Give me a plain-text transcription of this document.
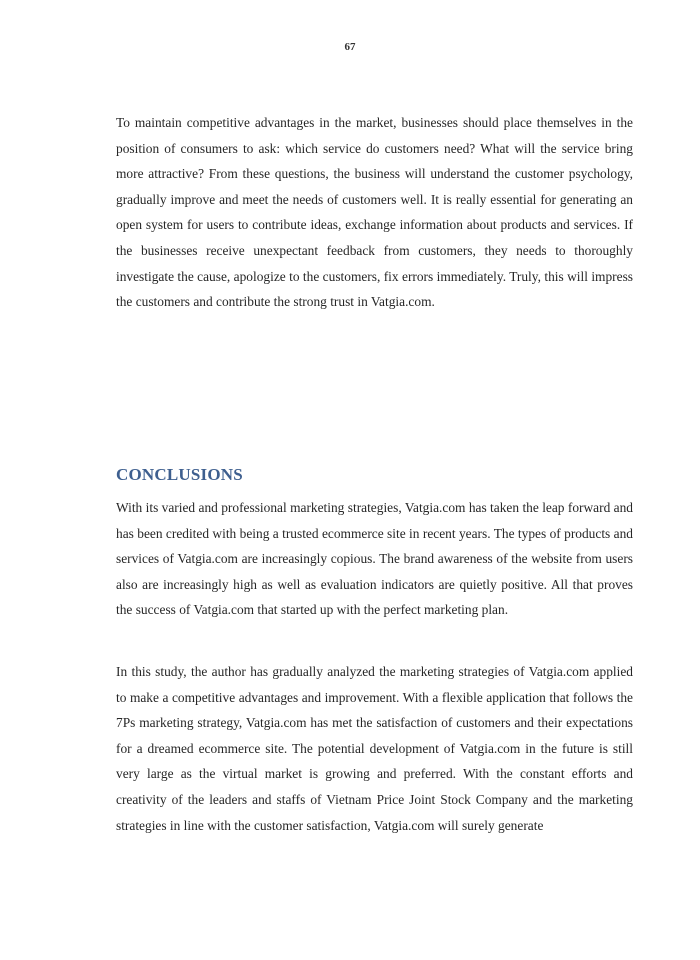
67

To maintain competitive advantages in the market, businesses should place themselves in the position of consumers to ask: which service do customers need? What will the service bring more attractive? From these questions, the business will understand the customer psychology, gradually improve and meet the needs of customers well. It is really essential for generating an open system for users to contribute ideas, exchange information about products and services. If the businesses receive unexpectant feedback from customers, they needs to thoroughly investigate the cause, apologize to the customers, fix errors immediately. Truly, this will impress the customers and contribute the strong trust in Vatgia.com.

CONCLUSIONS

With its varied and professional marketing strategies, Vatgia.com has taken the leap forward and has been credited with being a trusted ecommerce site in recent years. The types of products and services of Vatgia.com are increasingly copious. The brand awareness of the website from users also are increasingly high as well as evaluation indicators are quietly positive. All that proves the success of Vatgia.com that started up with the perfect marketing plan.

In this study, the author has gradually analyzed the marketing strategies of Vatgia.com applied to make a competitive advantages and improvement. With a flexible application that follows the 7Ps marketing strategy, Vatgia.com has met the satisfaction of customers and their expectations for a dreamed ecommerce site. The potential development of Vatgia.com in the future is still very large as the virtual market is growing and preferred. With the constant efforts and creativity of the leaders and staffs of Vietnam Price Joint Stock Company and the marketing strategies in line with the customer satisfaction, Vatgia.com will surely generate
